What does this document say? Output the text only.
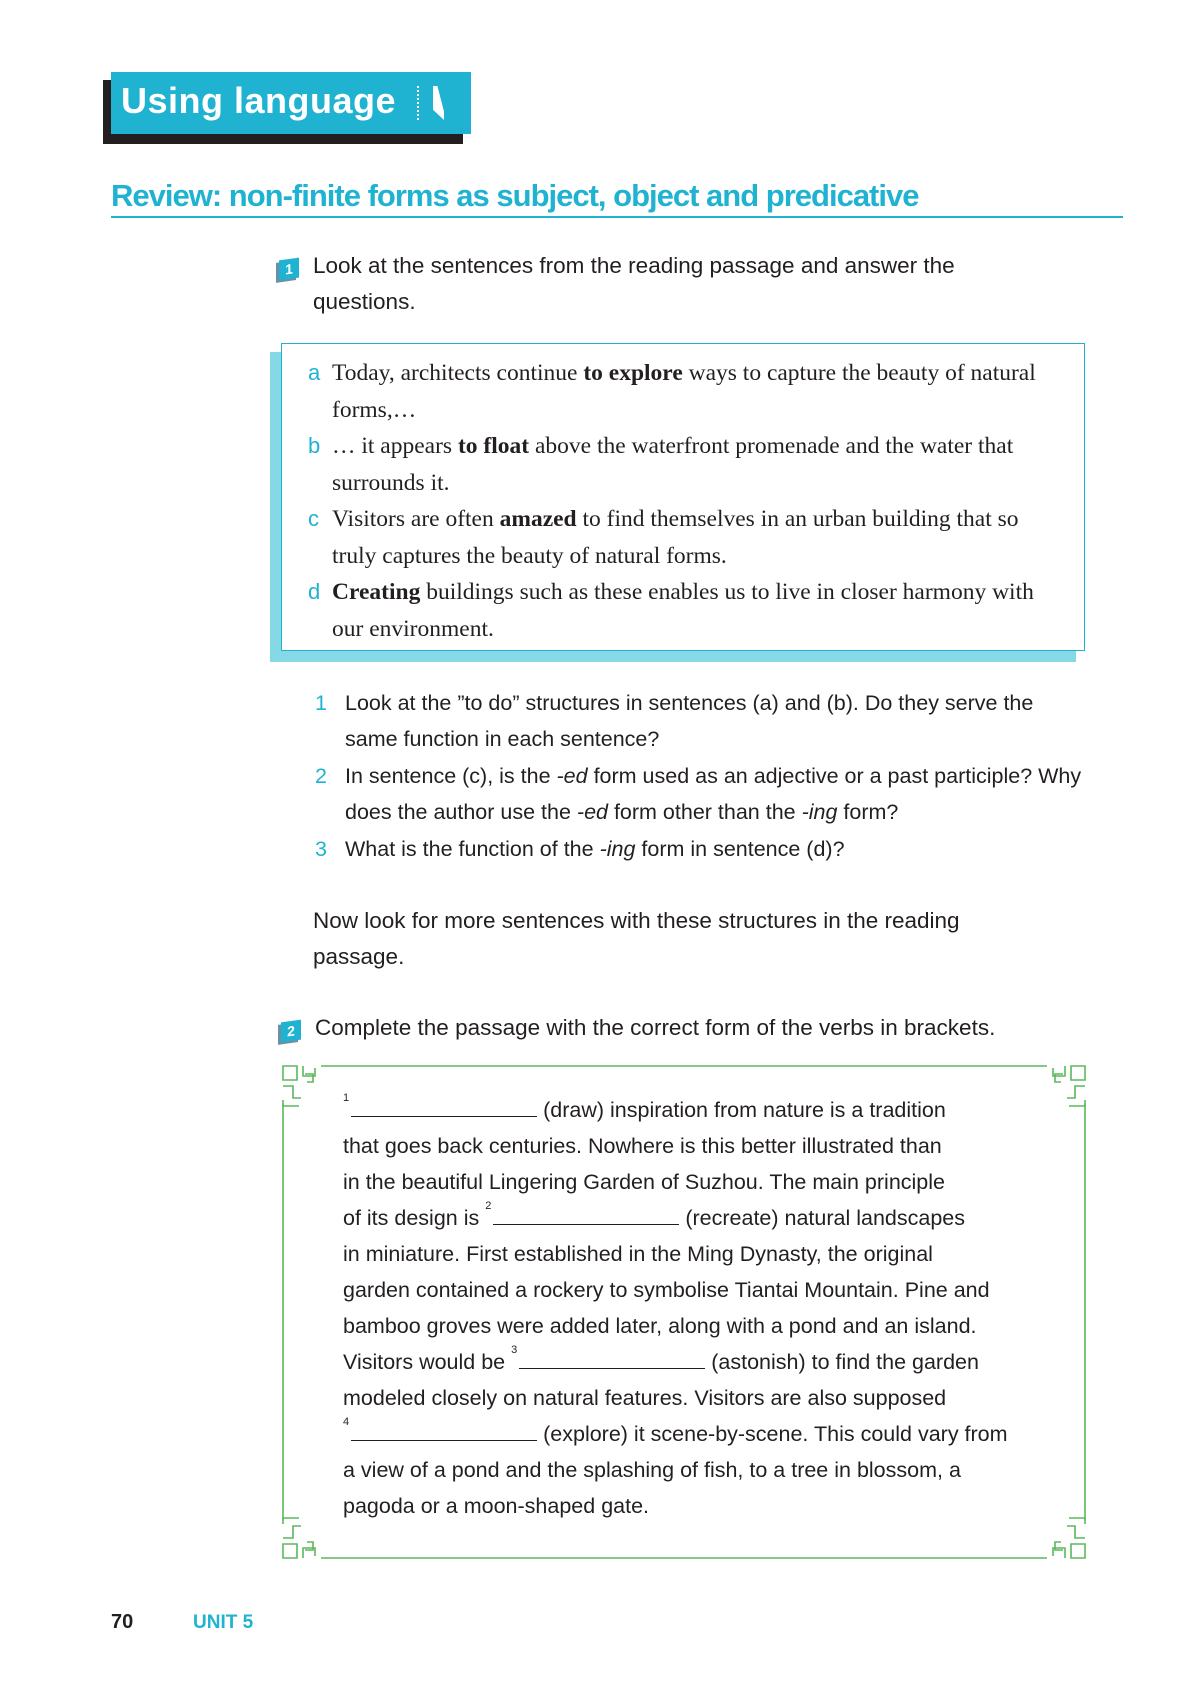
Using language
Review: non-finite forms as subject, object and predicative
1 Look at the sentences from the reading passage and answer the
questions.
a Today, architects continue to explore ways to capture the beauty of natural forms,…
b … it appears to float above the waterfront promenade and the water that surrounds it.
c Visitors are often amazed to find themselves in an urban building that so truly captures the beauty of natural forms.
d Creating buildings such as these enables us to live in closer harmony with our environment.
1 Look at the ”to do” structures in sentences (a) and (b). Do they serve the same function in each sentence?
2 In sentence (c), is the -ed form used as an adjective or a past participle? Why does the author use the -ed form other than the -ing form?
3 What is the function of the -ing form in sentence (d)?
Now look for more sentences with these structures in the reading
passage.
2 Complete the passage with the correct form of the verbs in brackets.
$^1$	(draw) inspiration from nature is a tradition
that goes back centuries. Nowhere is this better illustrated than
in the beautiful Lingering Garden of Suzhou. The main principle
of its design is $^2$	(recreate) natural landscapes
in miniature. First established in the Ming Dynasty, the original
garden contained a rockery to symbolise Tiantai Mountain. Pine and
bamboo groves were added later, along with a pond and an island.
Visitors would be $^3$	(astonish) to find the garden
modeled closely on natural features. Visitors are also supposed
$^4$	(explore) it scene-by-scene. This could vary from
a view of a pond and the splashing of fish, to a tree in blossom, a
pagoda or a moon-shaped gate.
70	UNIT 5
